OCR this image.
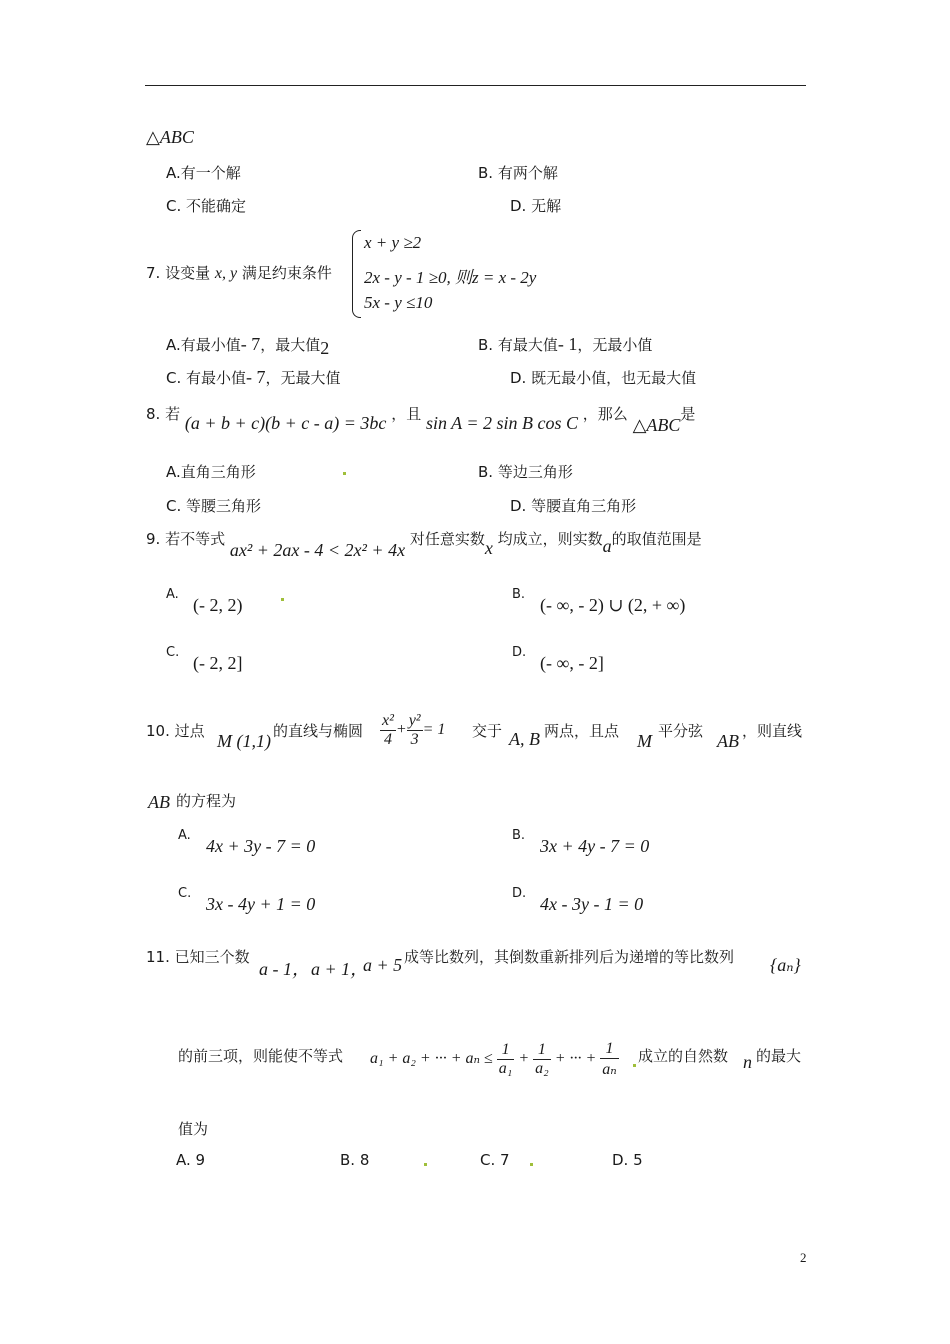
△ABC
A.有一个解	B. 有两个解
C. 不能确定	D. 无解
7. 设变量 x, y 满足约束条件
x + y ≥2
2x - y - 1 ≥0, 则z = x - 2y
5x - y ≤10
A.有最小值- 7，最大值2	B. 有最大值- 1，无最小值
C. 有最小值- 7，无最大值	D. 既无最小值，也无最大值
8. 若 (a + b + c)(b + c - a) = 3bc ，且 sin A = 2 sin B cos C ，那么 △ABC是
A.直角三角形	B. 等边三角形
C. 等腰三角形	D. 等腰直角三角形
9. 若不等式 ax² + 2ax - 4 < 2x² + 4x 对任意实数x 均成立，则实数a的取值范围是
A.
(- 2, 2)
B.
(- ∞, - 2) ∪ (2, + ∞)
C.
(- 2, 2]
D.
(- ∞, - 2]
10. 过点 M (1,1) 的直线与椭圆 $\frac{\text{x²}}{4} + \frac{\text{y²}}{3} = 1$ 交于 A, B 两点，且点 M 平分弦 AB ，则直线
AB 的方程为
A.
4x + 3y - 7 = 0
B.
3x + 4y - 7 = 0
C.
3x - 4y + 1 = 0
D.
4x - 3y - 1 = 0
11. 已知三个数
a - 1， a + 1，
a + 5 成等比数列，其倒数重新排列后为递增的等比数列 {aₙ}
的前三项，则能使不等式 a₁ + a₂ + ··· + $a_n \le \frac{1}{\text{a₁}} + \frac{1}{\text{a₂}}$ + ··· + $\frac{1}{\text{aₙ}}$ 成立的自然数 n 的最大
值为
A. 9	B. 8	C. 7	D. 5
2
